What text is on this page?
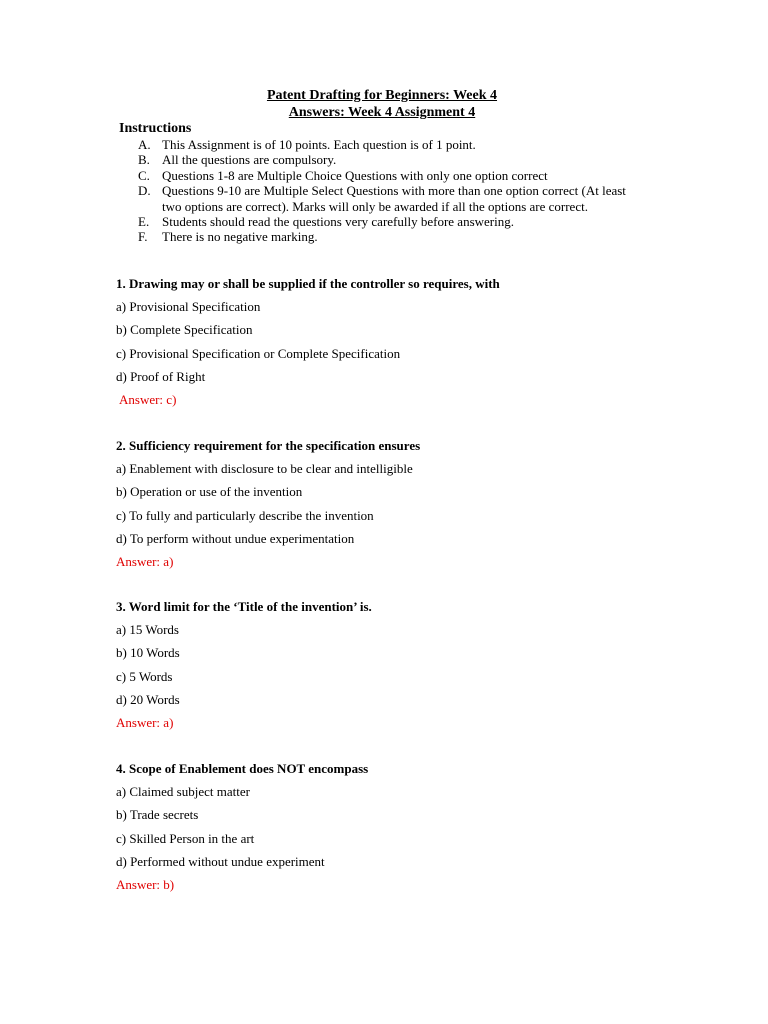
Patent Drafting for Beginners: Week 4
Answers: Week 4 Assignment 4
Instructions
A. This Assignment is of 10 points. Each question is of 1 point.
B. All the questions are compulsory.
C. Questions 1-8 are Multiple Choice Questions with only one option correct
D. Questions 9-10 are Multiple Select Questions with more than one option correct (At least two options are correct). Marks will only be awarded if all the options are correct.
E. Students should read the questions very carefully before answering.
F.	There is no negative marking.
1. Drawing may or shall be supplied if the controller so requires, with
a) Provisional Specification
b) Complete Specification
c) Provisional Specification or Complete Specification
d) Proof of Right
Answer: c)
2. Sufficiency requirement for the specification ensures
a) Enablement with disclosure to be clear and intelligible
b) Operation or use of the invention
c) To fully and particularly describe the invention
d) To perform without undue experimentation
Answer: a)
3. Word limit for the ‘Title of the invention’ is.
a) 15 Words
b) 10 Words
c) 5 Words
d) 20 Words
Answer: a)
4. Scope of Enablement does NOT encompass
a) Claimed subject matter
b) Trade secrets
c) Skilled Person in the art
d) Performed without undue experiment
Answer: b)
